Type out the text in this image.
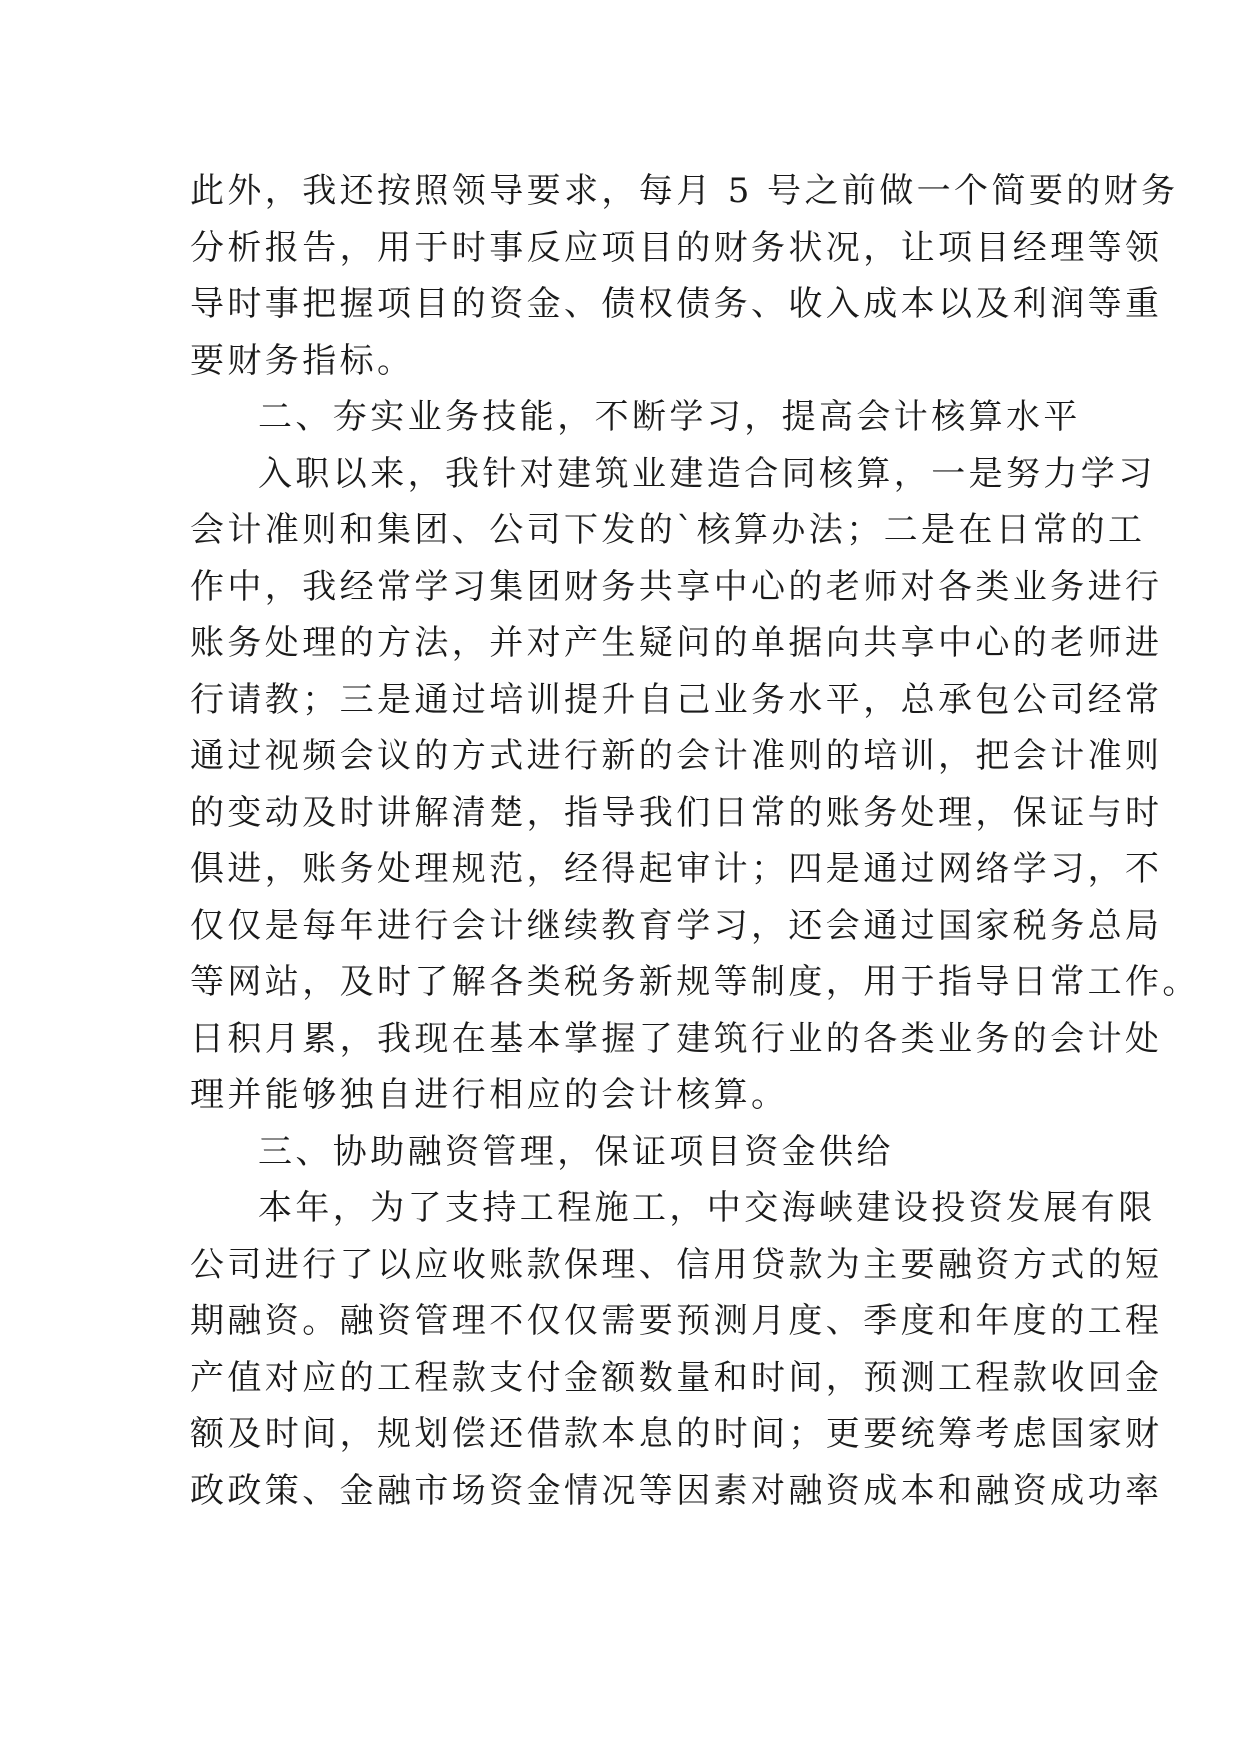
此外，我还按照领导要求，每月 5 号之前做一个简要的财务
分析报告，用于时事反应项目的财务状况，让项目经理等领
导时事把握项目的资金、债权债务、收入成本以及利润等重
要财务指标。
二、夯实业务技能，不断学习，提高会计核算水平
入职以来，我针对建筑业建造合同核算，一是努力学习
会计准则和集团、公司下发的`核算办法；二是在日常的工
作中，我经常学习集团财务共享中心的老师对各类业务进行
账务处理的方法，并对产生疑问的单据向共享中心的老师进
行请教；三是通过培训提升自己业务水平，总承包公司经常
通过视频会议的方式进行新的会计准则的培训，把会计准则
的变动及时讲解清楚，指导我们日常的账务处理，保证与时
俱进，账务处理规范，经得起审计；四是通过网络学习，不
仅仅是每年进行会计继续教育学习，还会通过国家税务总局
等网站，及时了解各类税务新规等制度，用于指导日常工作。
日积月累，我现在基本掌握了建筑行业的各类业务的会计处
理并能够独自进行相应的会计核算。
三、协助融资管理，保证项目资金供给
本年，为了支持工程施工，中交海峡建设投资发展有限
公司进行了以应收账款保理、信用贷款为主要融资方式的短
期融资。融资管理不仅仅需要预测月度、季度和年度的工程
产值对应的工程款支付金额数量和时间，预测工程款收回金
额及时间，规划偿还借款本息的时间；更要统筹考虑国家财
政政策、金融市场资金情况等因素对融资成本和融资成功率
